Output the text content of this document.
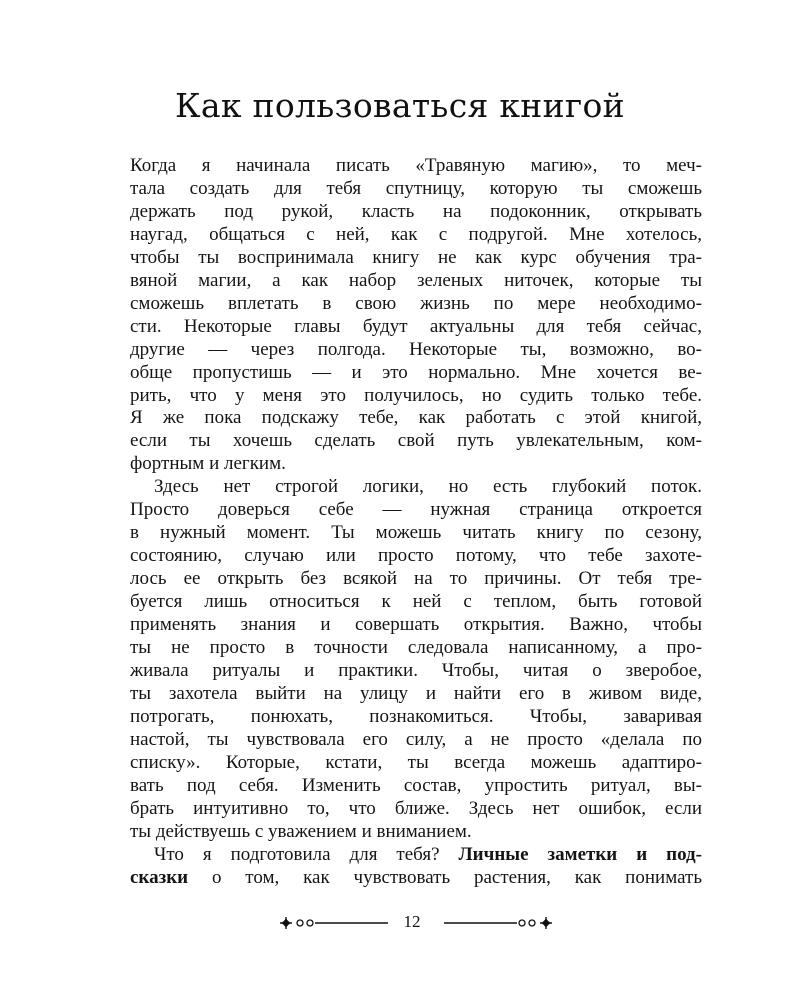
Как пользоваться книгой
Когда я начинала писать «Травяную магию», то меч-
тала создать для тебя спутницу, которую ты сможешь
держать под рукой, класть на подоконник, открывать
наугад, общаться с ней, как с подругой. Мне хотелось,
чтобы ты воспринимала книгу не как курс обучения тра-
вяной магии, а как набор зеленых ниточек, которые ты
сможешь вплетать в свою жизнь по мере необходимо-
сти. Некоторые главы будут актуальны для тебя сейчас,
другие — через полгода. Некоторые ты, возможно, во-
обще пропустишь — и это нормально. Мне хочется ве-
рить, что у меня это получилось, но судить только тебе.
Я же пока подскажу тебе, как работать с этой книгой,
если ты хочешь сделать свой путь увлекательным, ком-
фортным и легким.
Здесь нет строгой логики, но есть глубокий поток.
Просто доверься себе — нужная страница откроется
в нужный момент. Ты можешь читать книгу по сезону,
состоянию, случаю или просто потому, что тебе захоте-
лось ее открыть без всякой на то причины. От тебя тре-
буется лишь относиться к ней с теплом, быть готовой
применять знания и совершать открытия. Важно, чтобы
ты не просто в точности следовала написанному, а про-
живала ритуалы и практики. Чтобы, читая о зверобое,
ты захотела выйти на улицу и найти его в живом виде,
потрогать, понюхать, познакомиться. Чтобы, заваривая
настой, ты чувствовала его силу, а не просто «делала по
списку». Которые, кстати, ты всегда можешь адаптиро-
вать под себя. Изменить состав, упростить ритуал, вы-
брать интуитивно то, что ближе. Здесь нет ошибок, если
ты действуешь с уважением и вниманием.
Что я подготовила для тебя? Личные заметки и под-
сказки о том, как чувствовать растения, как понимать
12
